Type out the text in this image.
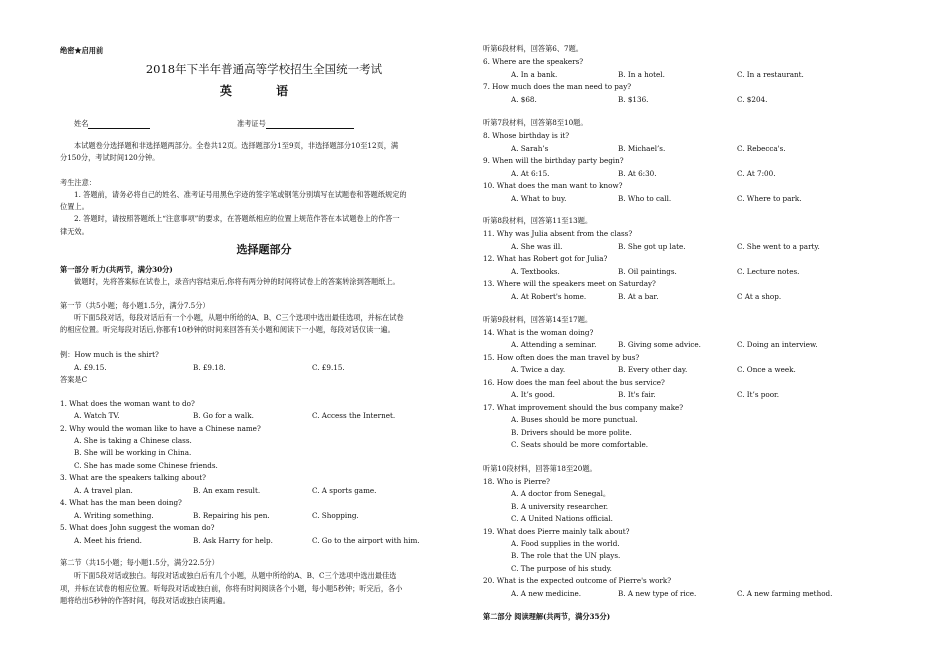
绝密★启用前
2018年下半年普通高等学校招生全国统一考试
英 语
姓名	准考证号
本试题卷分选择题和非选择题两部分。全卷共12页。选择题部分1至9页，非选择题部分10至12页，满
分150分，考试时间120分钟。
考生注意：
1. 答题前，请务必将自己的姓名、准考证号用黑色字迹的签字笔或钢笔分别填写在试题卷和答题纸规定的
位置上。
2. 答题时，请按照答题纸上“注意事项”的要求，在答题纸相应的位置上规范作答在本试题卷上的作答一
律无效。
选择题部分
第一部分 听力(共两节，满分30分)
做题时，先将答案标在试卷上，录音内容结束后,你将有两分钟的时间将试卷上的答案转涂到答题纸上。
第一节（共5小题；每小题1.5分，满分7.5分）
听下面5段对话，每段对话后有一个小题，从题中所给的A、B、C三个选项中选出最佳选项，并标在试卷
的相应位置。听完每段对话后,你都有10秒钟的时间来回答有关小题和阅读下一小题，每段对话仅读一遍。
例：How much is the shirt?
A. £9.15.	B. £9.18.	C. £9.15.
答案是C
1. What does the woman want to do?
A. Watch TV.	B. Go for a walk.	C. Access the Internet.
2. Why would the woman like to have a Chinese name?
A. She is taking a Chinese class.
B. She will be working in China.
C. She has made some Chinese friends.
3. What are the speakers talking about?
A. A travel plan.	B. An exam result.	C. A sports game.
4. What has the man been doing?
A. Writing something.	B. Repairing his pen.	C. Shopping.
5. What does John suggest the woman do?
A. Meet his friend.	B. Ask Harry for help.	C. Go to the airport with him.
第二节（共15小题；每小题1.5分，满分22.5分）
听下面5段对话或独白。每段对话或独白后有几个小题，从题中所给的A、B、C三个选项中选出最佳选
项，并标在试卷的相应位置。听每段对话或独白前，你将有时间阅读各个小题，每小题5秒钟；听完后，各小
题将给出5秒钟的作答时间，每段对话或独白读两遍。
听第6段材料，回答第6、7题。
6. Where are the speakers?
A. In a bank.	B. In a hotel.	C. In a restaurant.
7. How much does the man need to pay?
A. $68.	B. $136.	C. $204.
听第7段材料，回答第8至10题。
8. Whose birthday is it?
A. Sarah’s	B. Michael’s.	C. Rebecca's.
9. When will the birthday party begin?
A. At 6:15.	B. At 6:30.	C. At 7:00.
10. What does the man want to know?
A. What to buy.	B. Who to call.	C. Where to park.
听第8段材料，回答第11至13题。
11. Why was Julia absent from the class?
A. She was ill.	B. She got up late.	C. She went to a party.
12. What has Robert got for Julia?
A. Textbooks.	B. Oil paintings.	C. Lecture notes.
13. Where will the speakers meet on Saturday?
A. At Robert's home.	B. At a bar.	C At a shop.
听第9段材料，回答第14至17题。
14. What is the woman doing?
A. Attending a seminar.	B. Giving some advice.	C. Doing an interview.
15. How often does the man travel by bus?
A. Twice a day.	B. Every other day.	C. Once a week.
16. How does the man feel about the bus service?
A. It’s good.	B. It's fair.	C. It’s poor.
17. What improvement should the bus company make?
A. Buses should be more punctual.
B. Drivers should be more polite.
C. Seats should be more comfortable.
听第10段材料，回答第18至20题。
18. Who is Pierre?
A. A doctor from Senegal。
B. A university researcher.
C. A United Nations official.
19. What does Pierre mainly talk about?
A. Food supplies in the world.
B. The role that the UN plays.
C. The purpose of his study.
20. What is the expected outcome of Pierre's work?
A. A new medicine.	B. A new type of rice.	C. A new farming method.
第二部分 阅读理解(共两节，满分35分)
